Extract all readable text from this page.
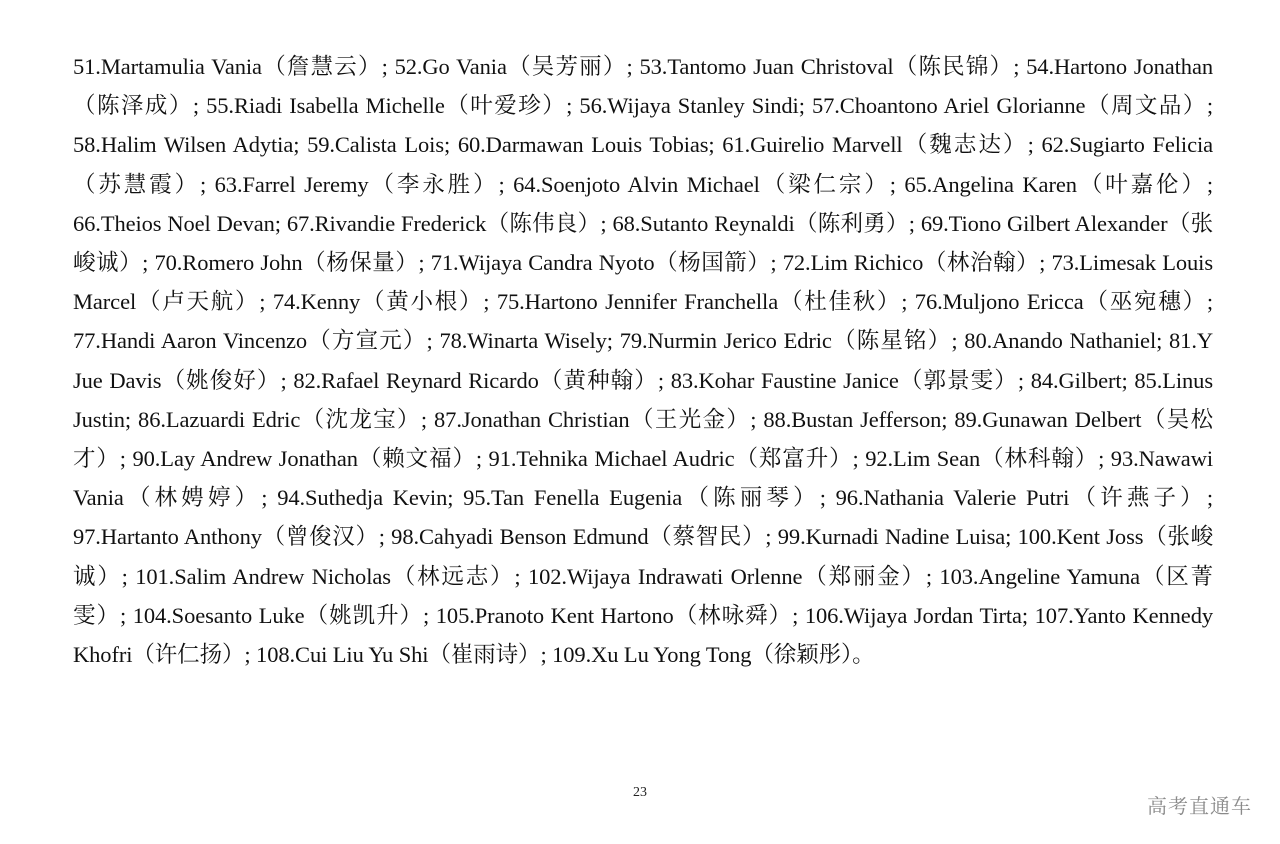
51.Martamulia Vania（詹慧云）; 52.Go Vania（吴芳丽）; 53.Tantomo Juan Christoval（陈民锦）; 54.Hartono Jonathan（陈泽成）; 55.Riadi Isabella Michelle（叶爱珍）; 56.Wijaya Stanley Sindi; 57.Choantono Ariel Glorianne（周文品）; 58.Halim Wilsen Adytia; 59.Calista Lois; 60.Darmawan Louis Tobias; 61.Guirelio Marvell（魏志达）; 62.Sugiarto Felicia（苏慧霞）; 63.Farrel Jeremy（李永胜）; 64.Soenjoto Alvin Michael（梁仁宗）; 65.Angelina Karen（叶嘉伦）; 66.Theios Noel Devan; 67.Rivandie Frederick（陈伟良）; 68.Sutanto Reynaldi（陈利勇）; 69.Tiono Gilbert Alexander（张峻诚）; 70.Romero John（杨保量）; 71.Wijaya Candra Nyoto（杨国箭）; 72.Lim Richico（林治翰）; 73.Limesak Louis Marcel（卢天航）; 74.Kenny（黄小根）; 75.Hartono Jennifer Franchella（杜佳秋）; 76.Muljono Ericca（巫宛穗）; 77.Handi Aaron Vincenzo（方宣元）; 78.Winarta Wisely; 79.Nurmin Jerico Edric（陈星铭）; 80.Anando Nathaniel; 81.Y Jue Davis（姚俊好）; 82.Rafael Reynard Ricardo（黄种翰）; 83.Kohar Faustine Janice（郭景雯）; 84.Gilbert; 85.Linus Justin; 86.Lazuardi Edric（沈龙宝）; 87.Jonathan Christian（王光金）; 88.Bustan Jefferson; 89.Gunawan Delbert（吴松才）; 90.Lay Andrew Jonathan（赖文福）; 91.Tehnika Michael Audric（郑富升）; 92.Lim Sean（林科翰）; 93.Nawawi Vania（林娉婷）; 94.Suthedja Kevin; 95.Tan Fenella Eugenia（陈丽琴）; 96.Nathania Valerie Putri（许燕子）; 97.Hartanto Anthony（曾俊汉）; 98.Cahyadi Benson Edmund（蔡智民）; 99.Kurnadi Nadine Luisa; 100.Kent Joss（张峻诚）; 101.Salim Andrew Nicholas（林远志）; 102.Wijaya Indrawati Orlenne（郑丽金）; 103.Angeline Yamuna（区菁雯）; 104.Soesanto Luke（姚凯升）; 105.Pranoto Kent Hartono（林咏舜）; 106.Wijaya Jordan Tirta; 107.Yanto Kennedy Khofri（许仁扬）; 108.Cui Liu Yu Shi（崔雨诗）; 109.Xu Lu Yong Tong（徐颖彤）。

23
高考直通车
